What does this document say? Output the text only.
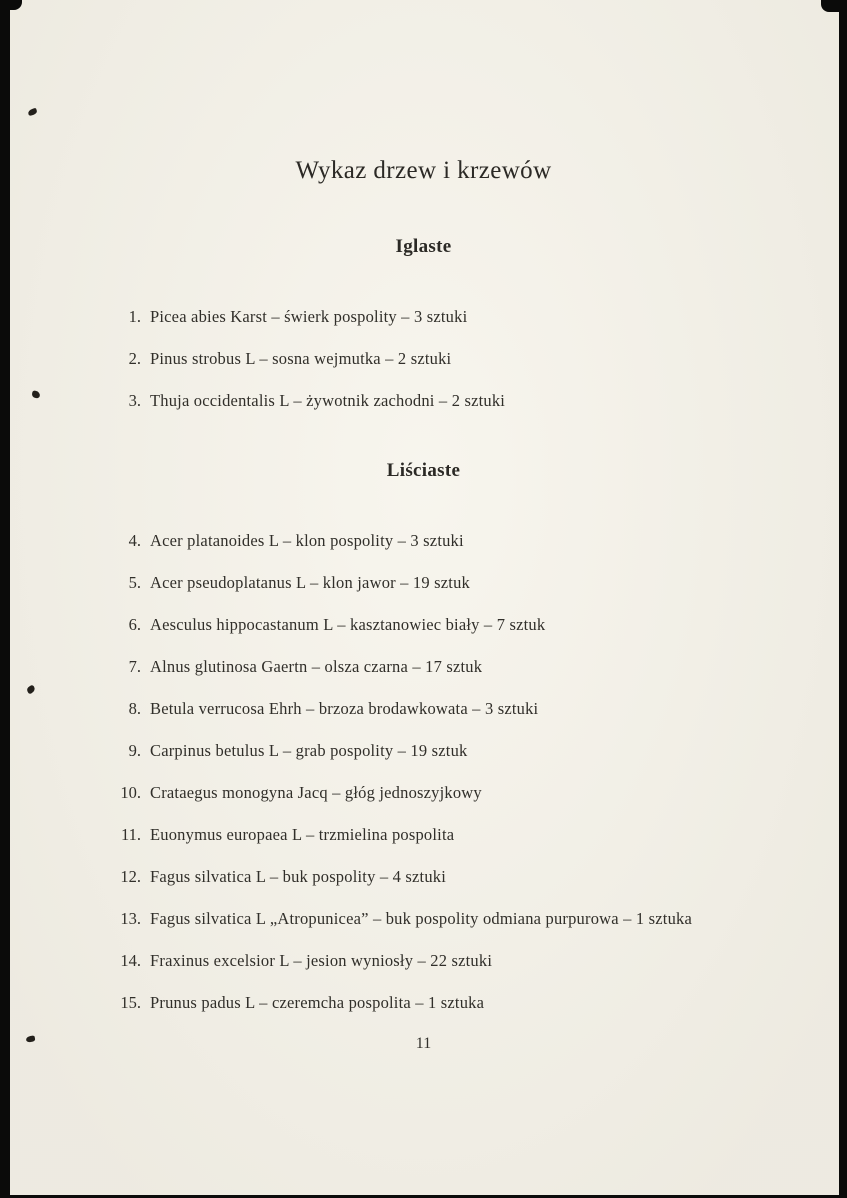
Wykaz drzew i krzewów
Iglaste
1. Picea abies Karst – świerk pospolity – 3 sztuki
2. Pinus strobus L – sosna wejmutka – 2 sztuki
3. Thuja occidentalis L – żywotnik zachodni – 2 sztuki
Liściaste
4. Acer platanoides L – klon pospolity – 3 sztuki
5. Acer pseudoplatanus L – klon jawor – 19 sztuk
6. Aesculus hippocastanum L – kasztanowiec biały – 7 sztuk
7. Alnus glutinosa Gaertn – olsza czarna – 17 sztuk
8. Betula verrucosa Ehrh – brzoza brodawkowata – 3 sztuki
9. Carpinus betulus L – grab pospolity – 19 sztuk
10. Crataegus monogyna Jacq – głóg jednoszyjkowy
11. Euonymus europaea L – trzmielina pospolita
12. Fagus silvatica L – buk pospolity – 4 sztuki
13. Fagus silvatica L „Atropunicea” – buk pospolity odmiana purpurowa – 1 sztuka
14. Fraxinus excelsior L – jesion wyniosły – 22 sztuki
15. Prunus padus L – czeremcha pospolita – 1 sztuka
11
